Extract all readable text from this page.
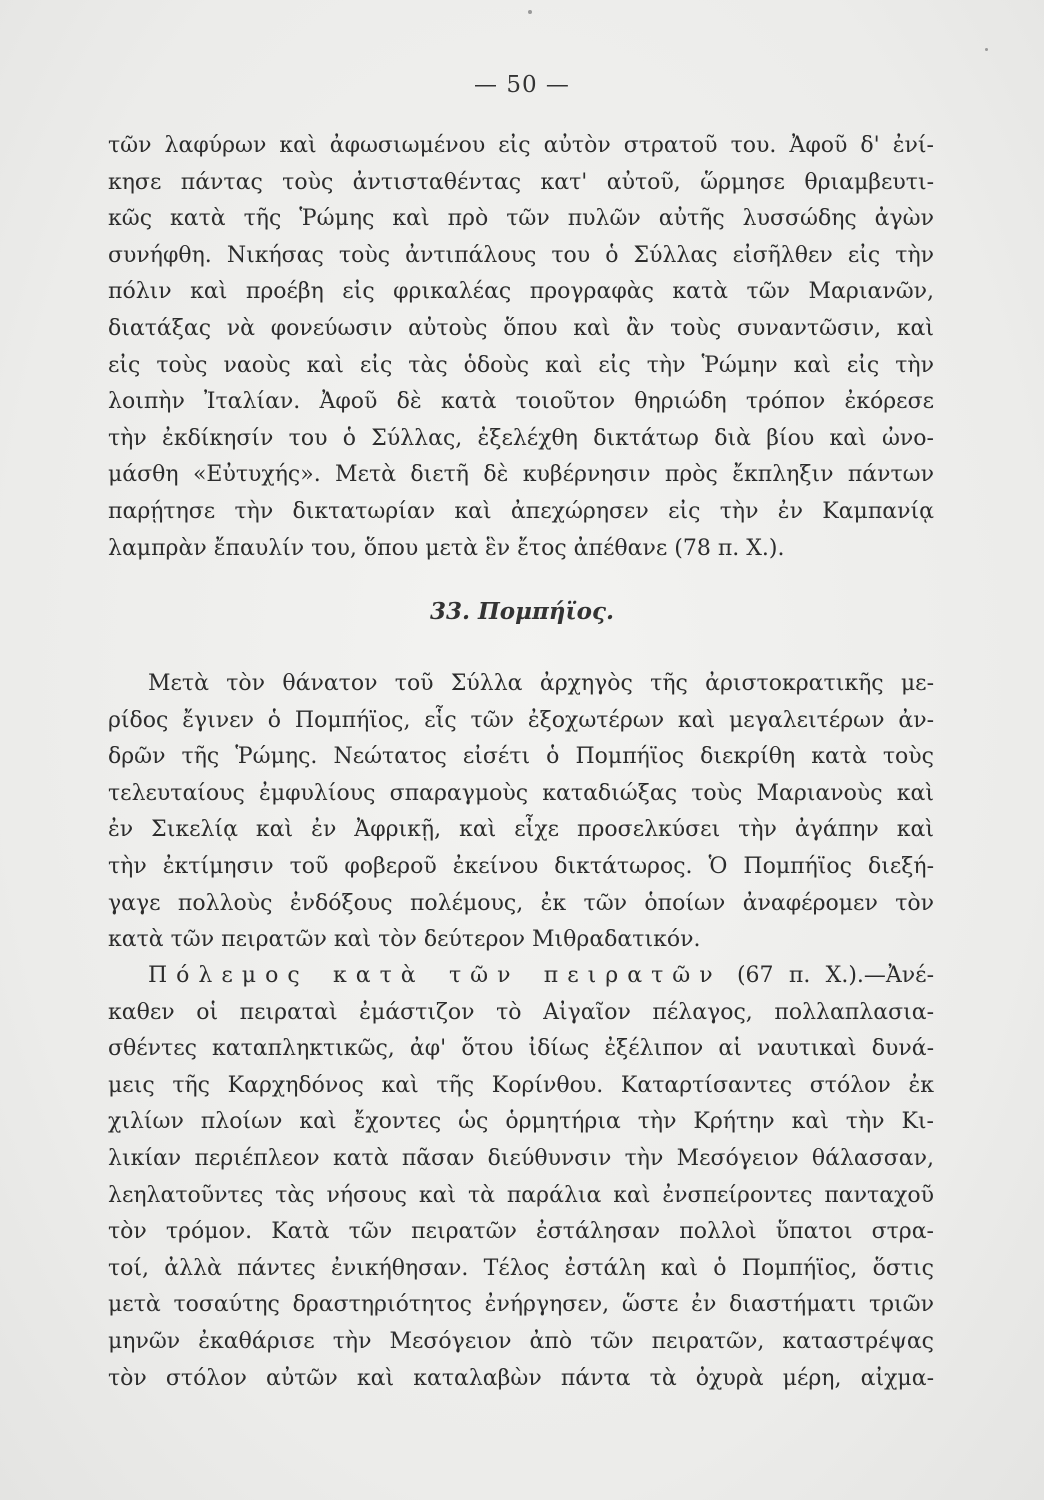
— 50 —
τῶν λαφύρων καὶ ἀφωσιωμένου εἰς αὐτὸν στρατοῦ του. Ἀφοῦ δ' ἐνί-
κησε πάντας τοὺς ἀντισταθέντας κατ' αὐτοῦ, ὥρμησε θριαμβευτι-
κῶς κατὰ τῆς Ῥώμης καὶ πρὸ τῶν πυλῶν αὐτῆς λυσσώδης ἀγὼν
συνήφθη. Νικήσας τοὺς ἀντιπάλους του ὁ Σύλλας εἰσῆλθεν εἰς τὴν
πόλιν καὶ προέβη εἰς φρικαλέας προγραφὰς κατὰ τῶν Μαριανῶν,
διατάξας νὰ φονεύωσιν αὐτοὺς ὅπου καὶ ἂν τοὺς συναντῶσιν, καὶ
εἰς τοὺς ναοὺς καὶ εἰς τὰς ὁδοὺς καὶ εἰς τὴν Ῥώμην καὶ εἰς τὴν
λοιπὴν Ἰταλίαν. Ἀφοῦ δὲ κατὰ τοιοῦτον θηριώδη τρόπον ἐκόρεσε
τὴν ἐκδίκησίν του ὁ Σύλλας, ἐξελέχθη δικτάτωρ διὰ βίου καὶ ὠνο-
μάσθη «Εὐτυχής». Μετὰ διετῆ δὲ κυβέρνησιν πρὸς ἔκπληξιν πάντων
παρῄτησε τὴν δικτατωρίαν καὶ ἀπεχώρησεν εἰς τὴν ἐν Καμπανίᾳ
λαμπρὰν ἔπαυλίν του, ὅπου μετὰ ἓν ἔτος ἀπέθανε (78 π. Χ.).
33. Πομπήϊος.
Μετὰ τὸν θάνατον τοῦ Σύλλα ἀρχηγὸς τῆς ἀριστοκρατικῆς με-
ρίδος ἔγινεν ὁ Πομπήϊος, εἷς τῶν ἐξοχωτέρων καὶ μεγαλειτέρων ἀν-
δρῶν τῆς Ῥώμης. Νεώτατος εἰσέτι ὁ Πομπήϊος διεκρίθη κατὰ τοὺς
τελευταίους ἐμφυλίους σπαραγμοὺς καταδιώξας τοὺς Μαριανοὺς καὶ
ἐν Σικελίᾳ καὶ ἐν Ἀφρικῇ, καὶ εἶχε προσελκύσει τὴν ἀγάπην καὶ
τὴν ἐκτίμησιν τοῦ φοβεροῦ ἐκείνου δικτάτωρος. Ὁ Πομπήϊος διεξή-
γαγε πολλοὺς ἐνδόξους πολέμους, ἐκ τῶν ὁποίων ἀναφέρομεν τὸν
κατὰ τῶν πειρατῶν καὶ τὸν δεύτερον Μιθραδατικόν.
Πόλεμος κατὰ τῶν πειρατῶν (67 π. Χ.).—Ἀνέ-
καθεν οἱ πειραταὶ ἐμάστιζον τὸ Αἰγαῖον πέλαγος, πολλαπλασια-
σθέντες καταπληκτικῶς, ἀφ' ὅτου ἰδίως ἐξέλιπον αἱ ναυτικαὶ δυνά-
μεις τῆς Καρχηδόνος καὶ τῆς Κορίνθου. Καταρτίσαντες στόλον ἐκ
χιλίων πλοίων καὶ ἔχοντες ὡς ὁρμητήρια τὴν Κρήτην καὶ τὴν Κι-
λικίαν περιέπλεον κατὰ πᾶσαν διεύθυνσιν τὴν Μεσόγειον θάλασσαν,
λεηλατοῦντες τὰς νήσους καὶ τὰ παράλια καὶ ἐνσπείροντες πανταχοῦ
τὸν τρόμον. Κατὰ τῶν πειρατῶν ἐστάλησαν πολλοὶ ὕπατοι στρα-
τοί, ἀλλὰ πάντες ἐνικήθησαν. Τέλος ἐστάλη καὶ ὁ Πομπήϊος, ὅστις
μετὰ τοσαύτης δραστηριότητος ἐνήργησεν, ὥστε ἐν διαστήματι τριῶν
μηνῶν ἐκαθάρισε τὴν Μεσόγειον ἀπὸ τῶν πειρατῶν, καταστρέψας
τὸν στόλον αὐτῶν καὶ καταλαβὼν πάντα τὰ ὀχυρὰ μέρη, αἰχμα-
